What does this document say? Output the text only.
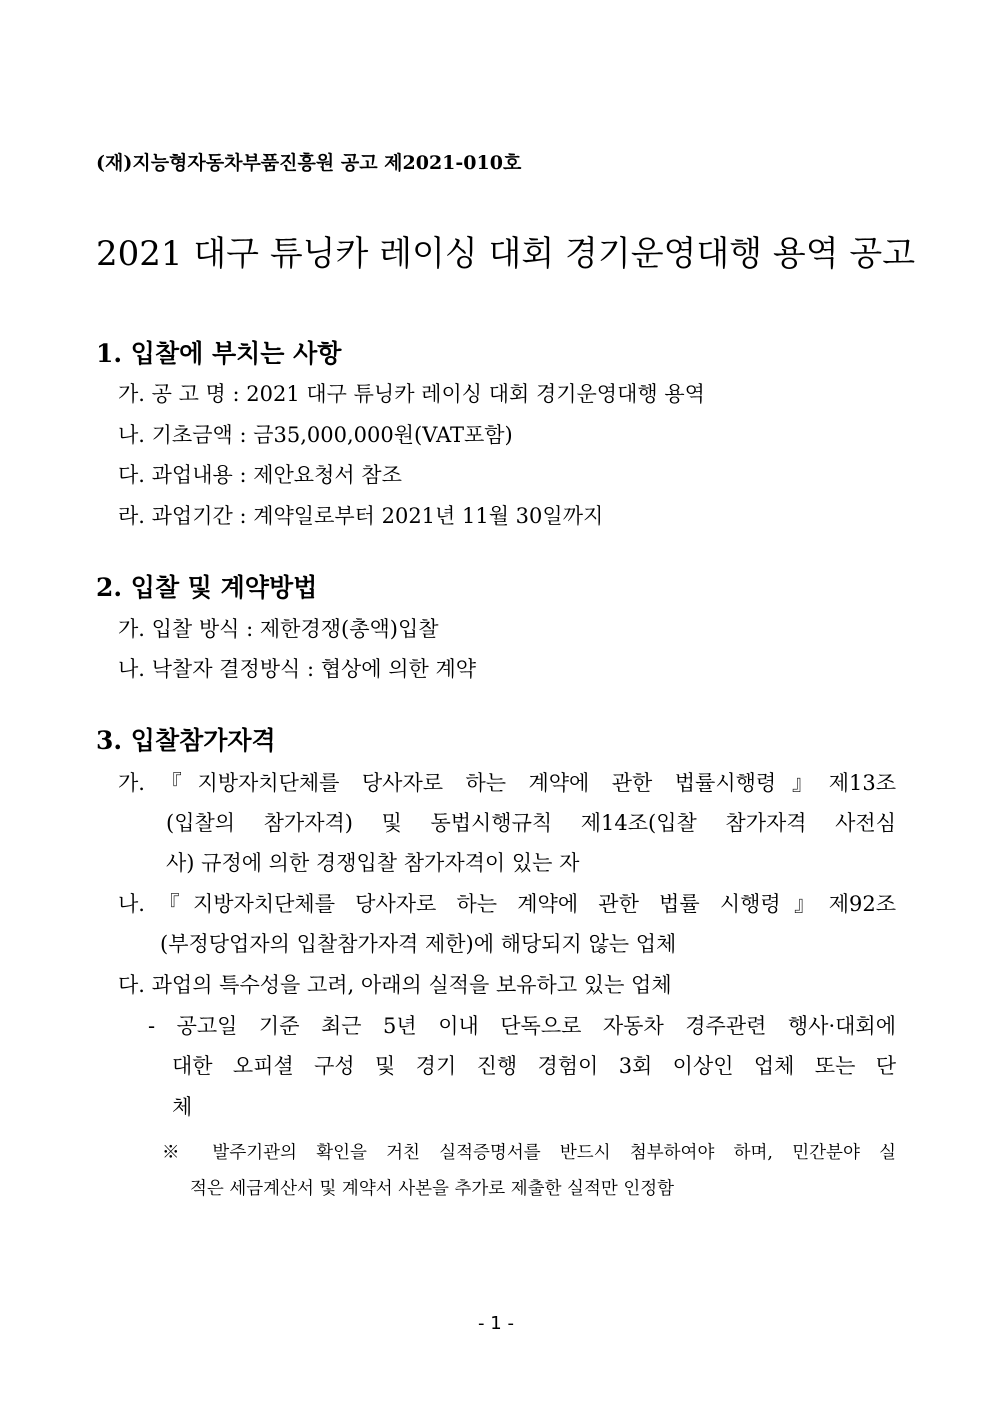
(재)지능형자동차부품진흥원 공고 제2021-010호
2021 대구 튜닝카 레이싱 대회 경기운영대행 용역 공고
1. 입찰에 부치는 사항
가. 공 고 명 : 2021 대구 튜닝카 레이싱 대회 경기운영대행 용역
나. 기초금액 : 금35,000,000원(VAT포함)
다. 과업내용 : 제안요청서 참조
라. 과업기간 : 계약일로부터 2021년 11월 30일까지
2. 입찰 및 계약방법
가. 입찰 방식 : 제한경쟁(총액)입찰
나. 낙찰자 결정방식 : 협상에 의한 계약
3. 입찰참가자격
가.『지방자치단체를 당사자로 하는 계약에 관한 법률시행령』제13조
(입찰의 참가자격) 및 동법시행규칙 제14조(입찰 참가자격 사전심
사) 규정에 의한 경쟁입찰 참가자격이 있는 자
나.『지방자치단체를 당사자로 하는 계약에 관한 법률 시행령』제92조
(부정당업자의 입찰참가자격 제한)에 해당되지 않는 업체
다. 과업의 특수성을 고려, 아래의 실적을 보유하고 있는 업체
- 공고일 기준 최근 5년 이내 단독으로 자동차 경주관련 행사·대회에
대한 오피셜 구성 및 경기 진행 경험이 3회 이상인 업체 또는 단
체
※ 발주기관의 확인을 거친 실적증명서를 반드시 첨부하여야 하며, 민간분야 실
적은 세금계산서 및 계약서 사본을 추가로 제출한 실적만 인정함
- 1 -
